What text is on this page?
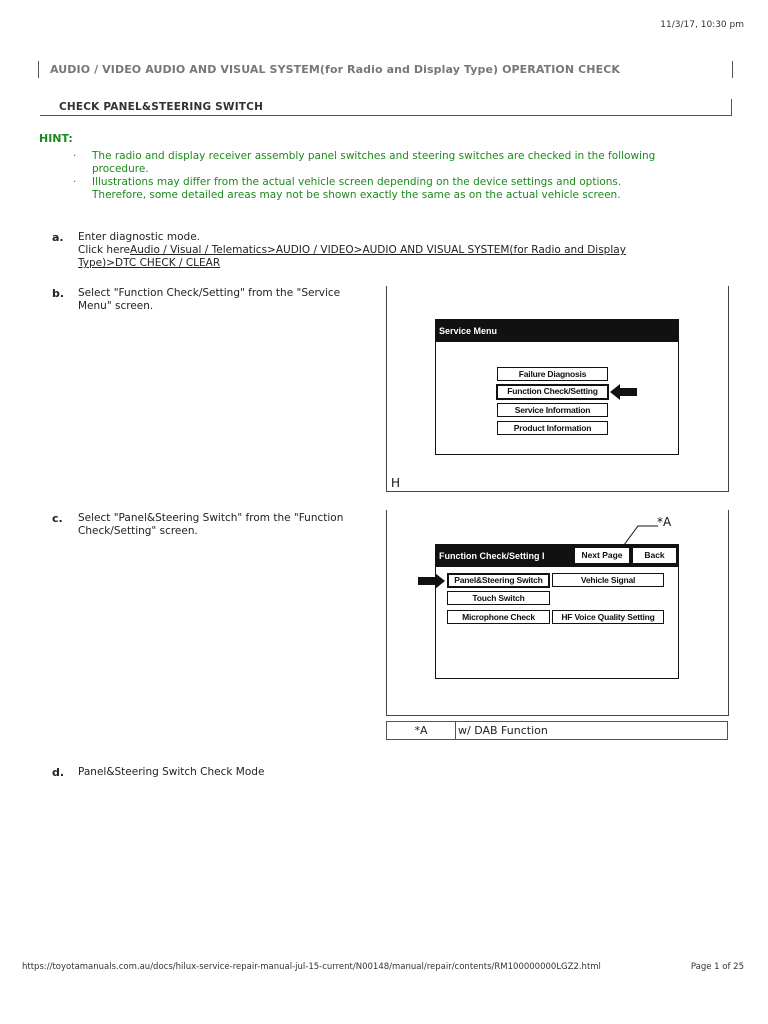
11/3/17, 10:30 pm
AUDIO / VIDEO AUDIO AND VISUAL SYSTEM(for Radio and Display Type) OPERATION CHECK
CHECK PANEL&STEERING SWITCH
HINT:
· The radio and display receiver assembly panel switches and steering switches are checked in the following
procedure.
· Illustrations may differ from the actual vehicle screen depending on the device settings and options.
Therefore, some detailed areas may not be shown exactly the same as on the actual vehicle screen.
a. Enter diagnostic mode.
Click hereAudio / Visual / Telematics>AUDIO / VIDEO>AUDIO AND VISUAL SYSTEM(for Radio and Display
Type)>DTC CHECK / CLEAR
b. Select "Function Check/Setting" from the "Service
Menu" screen.
H
Service Menu
Failure Diagnosis
Function Check/Setting
Service Information
Product Information
c. Select "Panel&Steering Switch" from the "Function
Check/Setting" screen.
*A
Function Check/Setting I	Next Page	Back
Panel&Steering Switch	Vehicle Signal
Touch Switch
Microphone Check	HF Voice Quality Setting
*A	w/ DAB Function
d. Panel&Steering Switch Check Mode
https://toyotamanuals.com.au/docs/hilux-service-repair-manual-jul-15-current/N00148/manual/repair/contents/RM100000000LGZ2.html	Page 1 of 25
